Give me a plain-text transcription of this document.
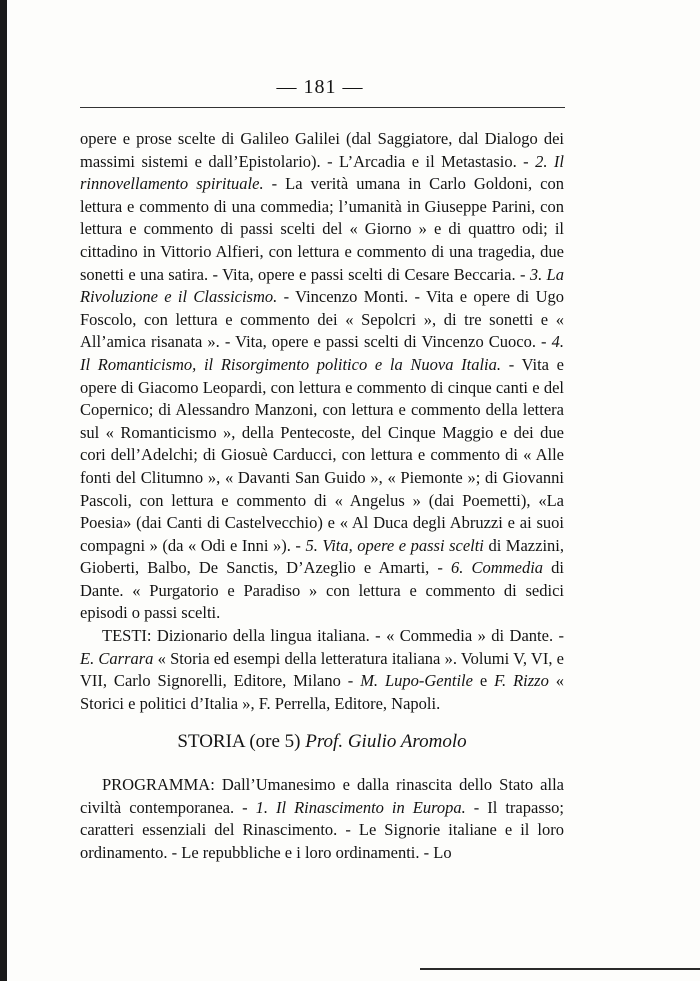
— 181 —

opere e prose scelte di Galileo Galilei (dal Saggiatore, dal Dialogo dei massimi sistemi e dall’Epistolario). - L’Arcadia e il Metastasio. - 2. Il rinnovellamento spirituale. - La verità umana in Carlo Goldoni, con lettura e commento di una commedia; l’umanità in Giuseppe Parini, con lettura e commento di passi scelti del « Giorno » e di quattro odi; il cittadino in Vittorio Alfieri, con lettura e commento di una tragedia, due sonetti e una satira. - Vita, opere e passi scelti di Cesare Beccaria. - 3. La Rivoluzione e il Classicismo. - Vincenzo Monti. - Vita e opere di Ugo Foscolo, con lettura e commento dei « Sepolcri », di tre sonetti e « All’amica risanata ». - Vita, opere e passi scelti di Vincenzo Cuoco. - 4. Il Romanticismo, il Risorgimento politico e la Nuova Italia. - Vita e opere di Giacomo Leopardi, con lettura e commento di cinque canti e del Copernico; di Alessandro Manzoni, con lettura e commento della lettera sul « Romanticismo », della Pentecoste, del Cinque Maggio e dei due cori dell’Adelchi; di Giosuè Carducci, con lettura e commento di « Alle fonti del Clitumno », « Davanti San Guido », « Piemonte »; di Giovanni Pascoli, con lettura e commento di « Angelus » (dai Poemetti), «La Poesia» (dai Canti di Castelvecchio) e « Al Duca degli Abruzzi e ai suoi compagni » (da « Odi e Inni »). - 5. Vita, opere e passi scelti di Mazzini, Gioberti, Balbo, De Sanctis, D’Azeglio e Amarti, - 6. Commedia di Dante. « Purgatorio e Paradiso » con lettura e commento di sedici episodi o passi scelti.

TESTI: Dizionario della lingua italiana. - « Commedia » di Dante. - E. Carrara « Storia ed esempi della letteratura italiana ». Volumi V, VI, e VII, Carlo Signorelli, Editore, Milano - M. Lupo-Gentile e F. Rizzo « Storici e politici d’Italia », F. Perrella, Editore, Napoli.

STORIA (ore 5) Prof. Giulio Aromolo

PROGRAMMA: Dall’Umanesimo e dalla rinascita dello Stato alla civiltà contemporanea. - 1. Il Rinascimento in Europa. - Il trapasso; caratteri essenziali del Rinascimento. - Le Signorie italiane e il loro ordinamento. - Le repubbliche e i loro ordinamenti. - Lo
